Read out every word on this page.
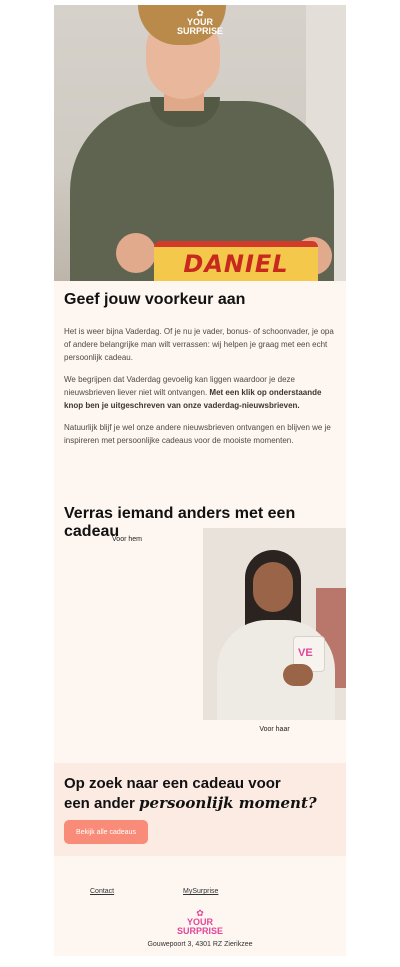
DANIEL
✿
YOUR
SURPRISE
Geef jouw voorkeur aan

Het is weer bijna Vaderdag. Of je nu je vader, bonus- of schoonvader, je opa of andere belangrijke man wilt verrassen: wij helpen je graag met een echt persoonlijk cadeau.

We begrijpen dat Vaderdag gevoelig kan liggen waardoor je deze nieuwsbrieven liever niet wilt ontvangen. Met een klik op onderstaande knop ben je uitgeschreven van onze vaderdag-nieuwsbrieven.

Natuurlijk blijf je wel onze andere nieuwsbrieven ontvangen en blijven we je inspireren met persoonlijke cadeaus voor de mooiste momenten.

Verras iemand anders met een cadeau
Voor hem
VE
Voor haar
Op zoek naar een cadeau voor
een ander persoonlijk moment?
Bekijk alle cadeaus
Contact	MySurprise
✿
YOUR
SURPRISE
Gouwepoort 3, 4301 RZ Zierikzee
